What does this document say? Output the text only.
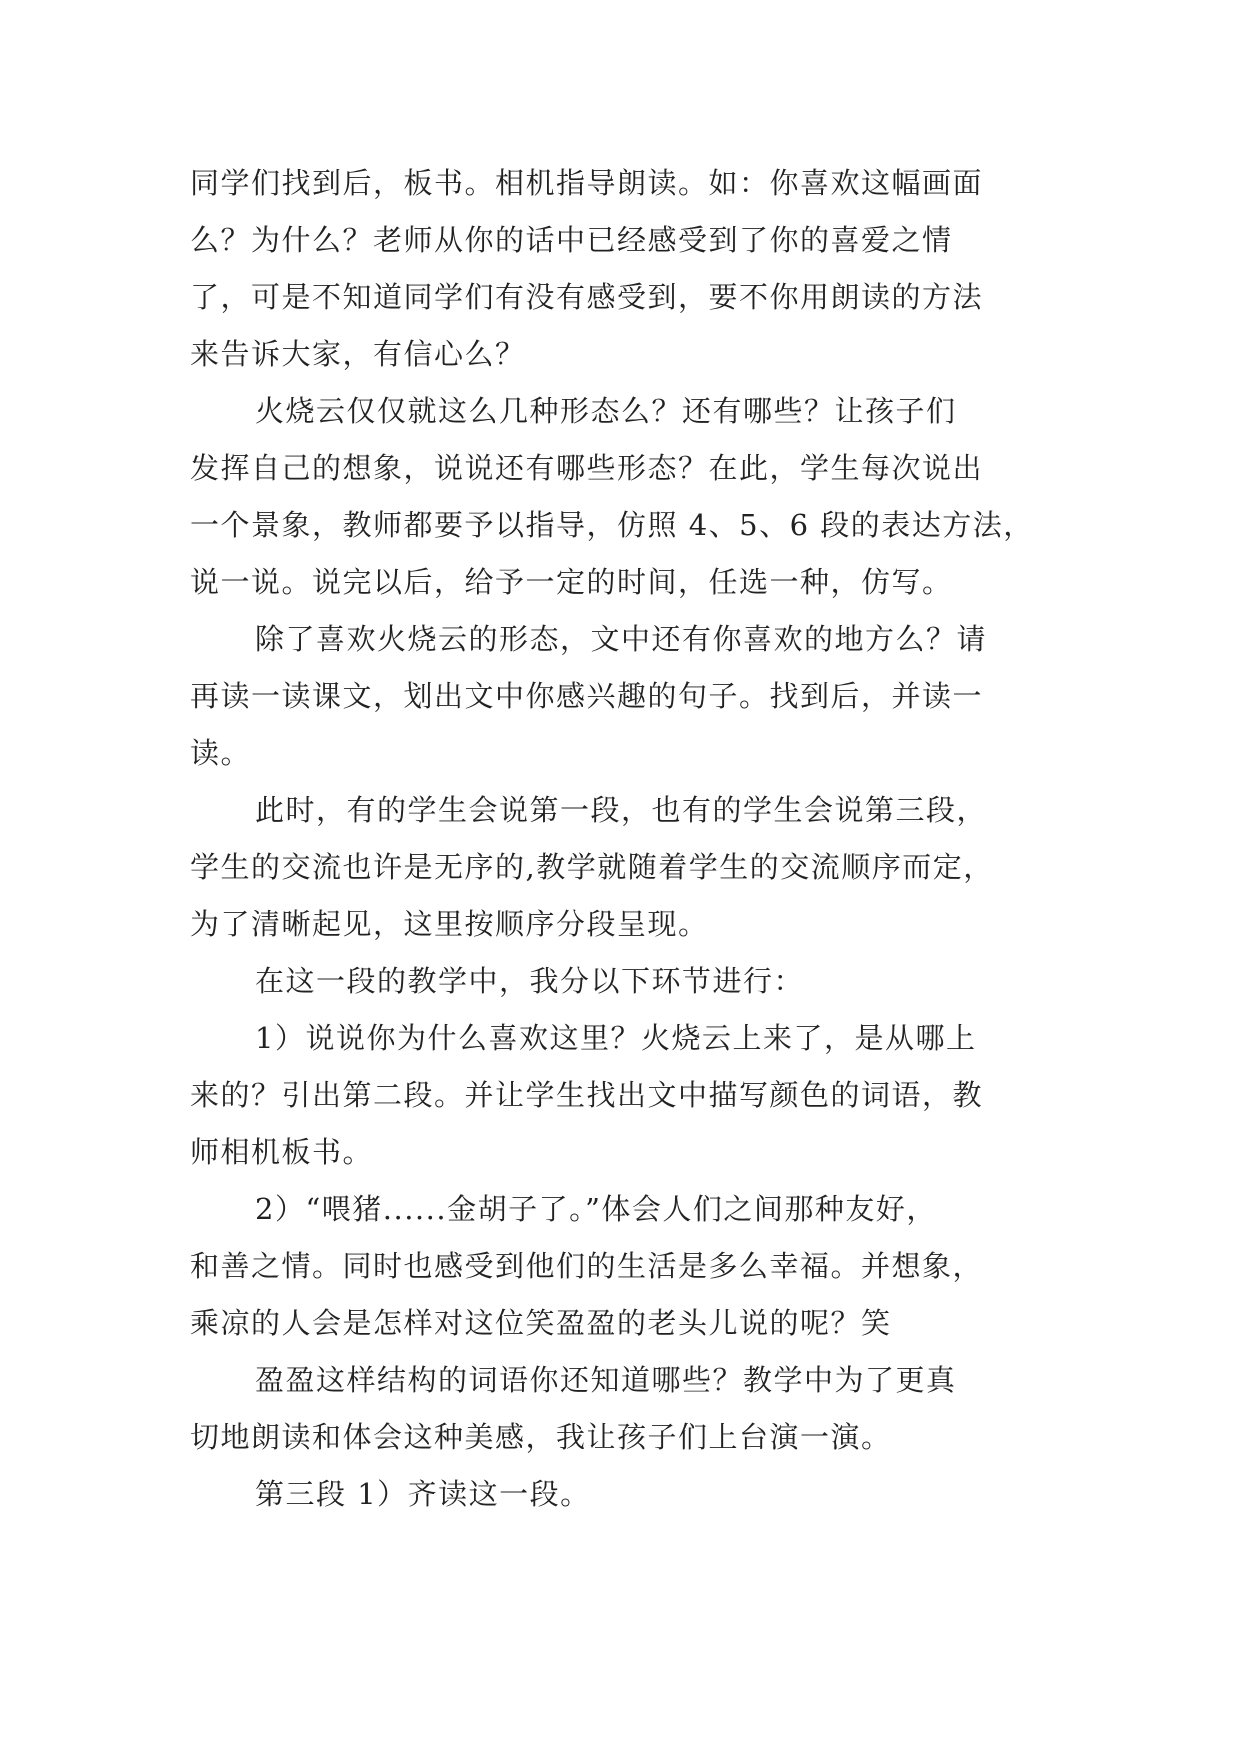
同学们找到后，板书。相机指导朗读。如：你喜欢这幅画面
么？为什么？老师从你的话中已经感受到了你的喜爱之情
了，可是不知道同学们有没有感受到，要不你用朗读的方法
来告诉大家，有信心么？
火烧云仅仅就这么几种形态么？还有哪些？让孩子们
发挥自己的想象，说说还有哪些形态？在此，学生每次说出
一个景象，教师都要予以指导，仿照 4、5、6 段的表达方法，
说一说。说完以后，给予一定的时间，任选一种，仿写。
除了喜欢火烧云的形态，文中还有你喜欢的地方么？请
再读一读课文，划出文中你感兴趣的句子。找到后，并读一
读。
此时，有的学生会说第一段，也有的学生会说第三段，
学生的交流也许是无序的,教学就随着学生的交流顺序而定，
为了清晰起见，这里按顺序分段呈现。
在这一段的教学中，我分以下环节进行：
1）说说你为什么喜欢这里？火烧云上来了，是从哪上
来的？引出第二段。并让学生找出文中描写颜色的词语，教
师相机板书。
2）“喂猪......金胡子了。”体会人们之间那种友好，
和善之情。同时也感受到他们的生活是多么幸福。并想象，
乘凉的人会是怎样对这位笑盈盈的老头儿说的呢？笑
盈盈这样结构的词语你还知道哪些？教学中为了更真
切地朗读和体会这种美感，我让孩子们上台演一演。
第三段 1）齐读这一段。
